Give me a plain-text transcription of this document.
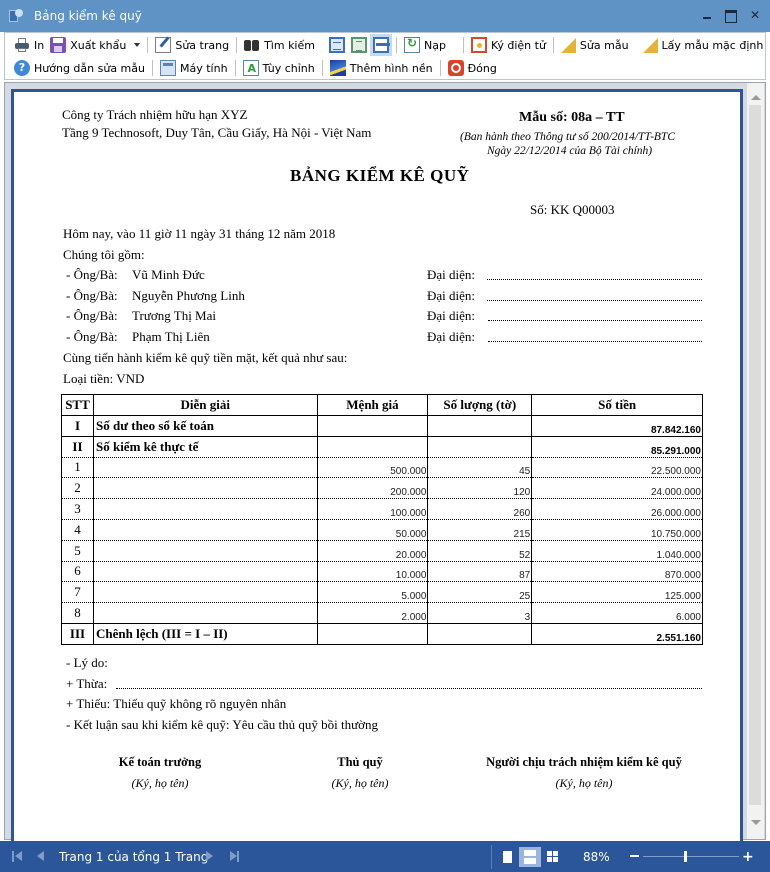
Bảng kiểm kê quỹ	✕
In Xuất khẩu	Sửa trang	Tìm kiếm ↻	Nạp	Ký điện tử	Sửa mẫu	Lấy mẫu mặc định
? Hướng dẫn sửa mẫu	Máy tính A	Tùy chỉnh	Thêm hình nền	Đóng
Công ty Trách nhiệm hữu hạn XYZ
Tầng 9 Technosoft, Duy Tân, Cầu Giấy, Hà Nội - Việt Nam
Mẫu số: 08a – TT
(Ban hành theo Thông tư số 200/2014/TT-BTC
Ngày 22/12/2014 của Bộ Tài chính)
BẢNG KIỂM KÊ QUỸ
Số: KK Q00003
Hôm nay, vào 11 giờ 11 ngày 31 tháng 12 năm 2018
Chúng tôi gồm:
- Ông/Bà: Vũ Minh Đức	Đại diện:
- Ông/Bà: Nguyễn Phương Linh	Đại diện:
- Ông/Bà: Trương Thị Mai	Đại diện:
- Ông/Bà: Phạm Thị Liên	Đại diện:
Cùng tiến hành kiểm kê quỹ tiền mặt, kết quả như sau:
Loại tiền: VND
STT	Diễn giải	Mệnh giá	Số lượng (tờ)	Số tiền
I	Số dư theo sổ kế toán			87.842.160
II	Số kiểm kê thực tế			85.291.000
1		500.000	45	22.500.000
2		200.000	120	24.000.000
3		100.000	260	26.000.000
4		50.000	215	10.750.000
5		20.000	52	1.040.000
6		10.000	87	870.000
7		5.000	25	125.000
8		2.000	3	6.000
III	Chênh lệch (III = I – II)			2.551.160
- Lý do:
+ Thừa:
+ Thiếu: Thiếu quỹ không rõ nguyên nhân
- Kết luận sau khi kiểm kê quỹ: Yêu cầu thủ quỹ bồi thường
Kế toán trưởng
(Ký, họ tên)
Thủ quỹ
(Ký, họ tên)
Người chịu trách nhiệm kiểm kê quỹ
(Ký, họ tên)
Trang 1 của tổng 1 Trang	88%	+
